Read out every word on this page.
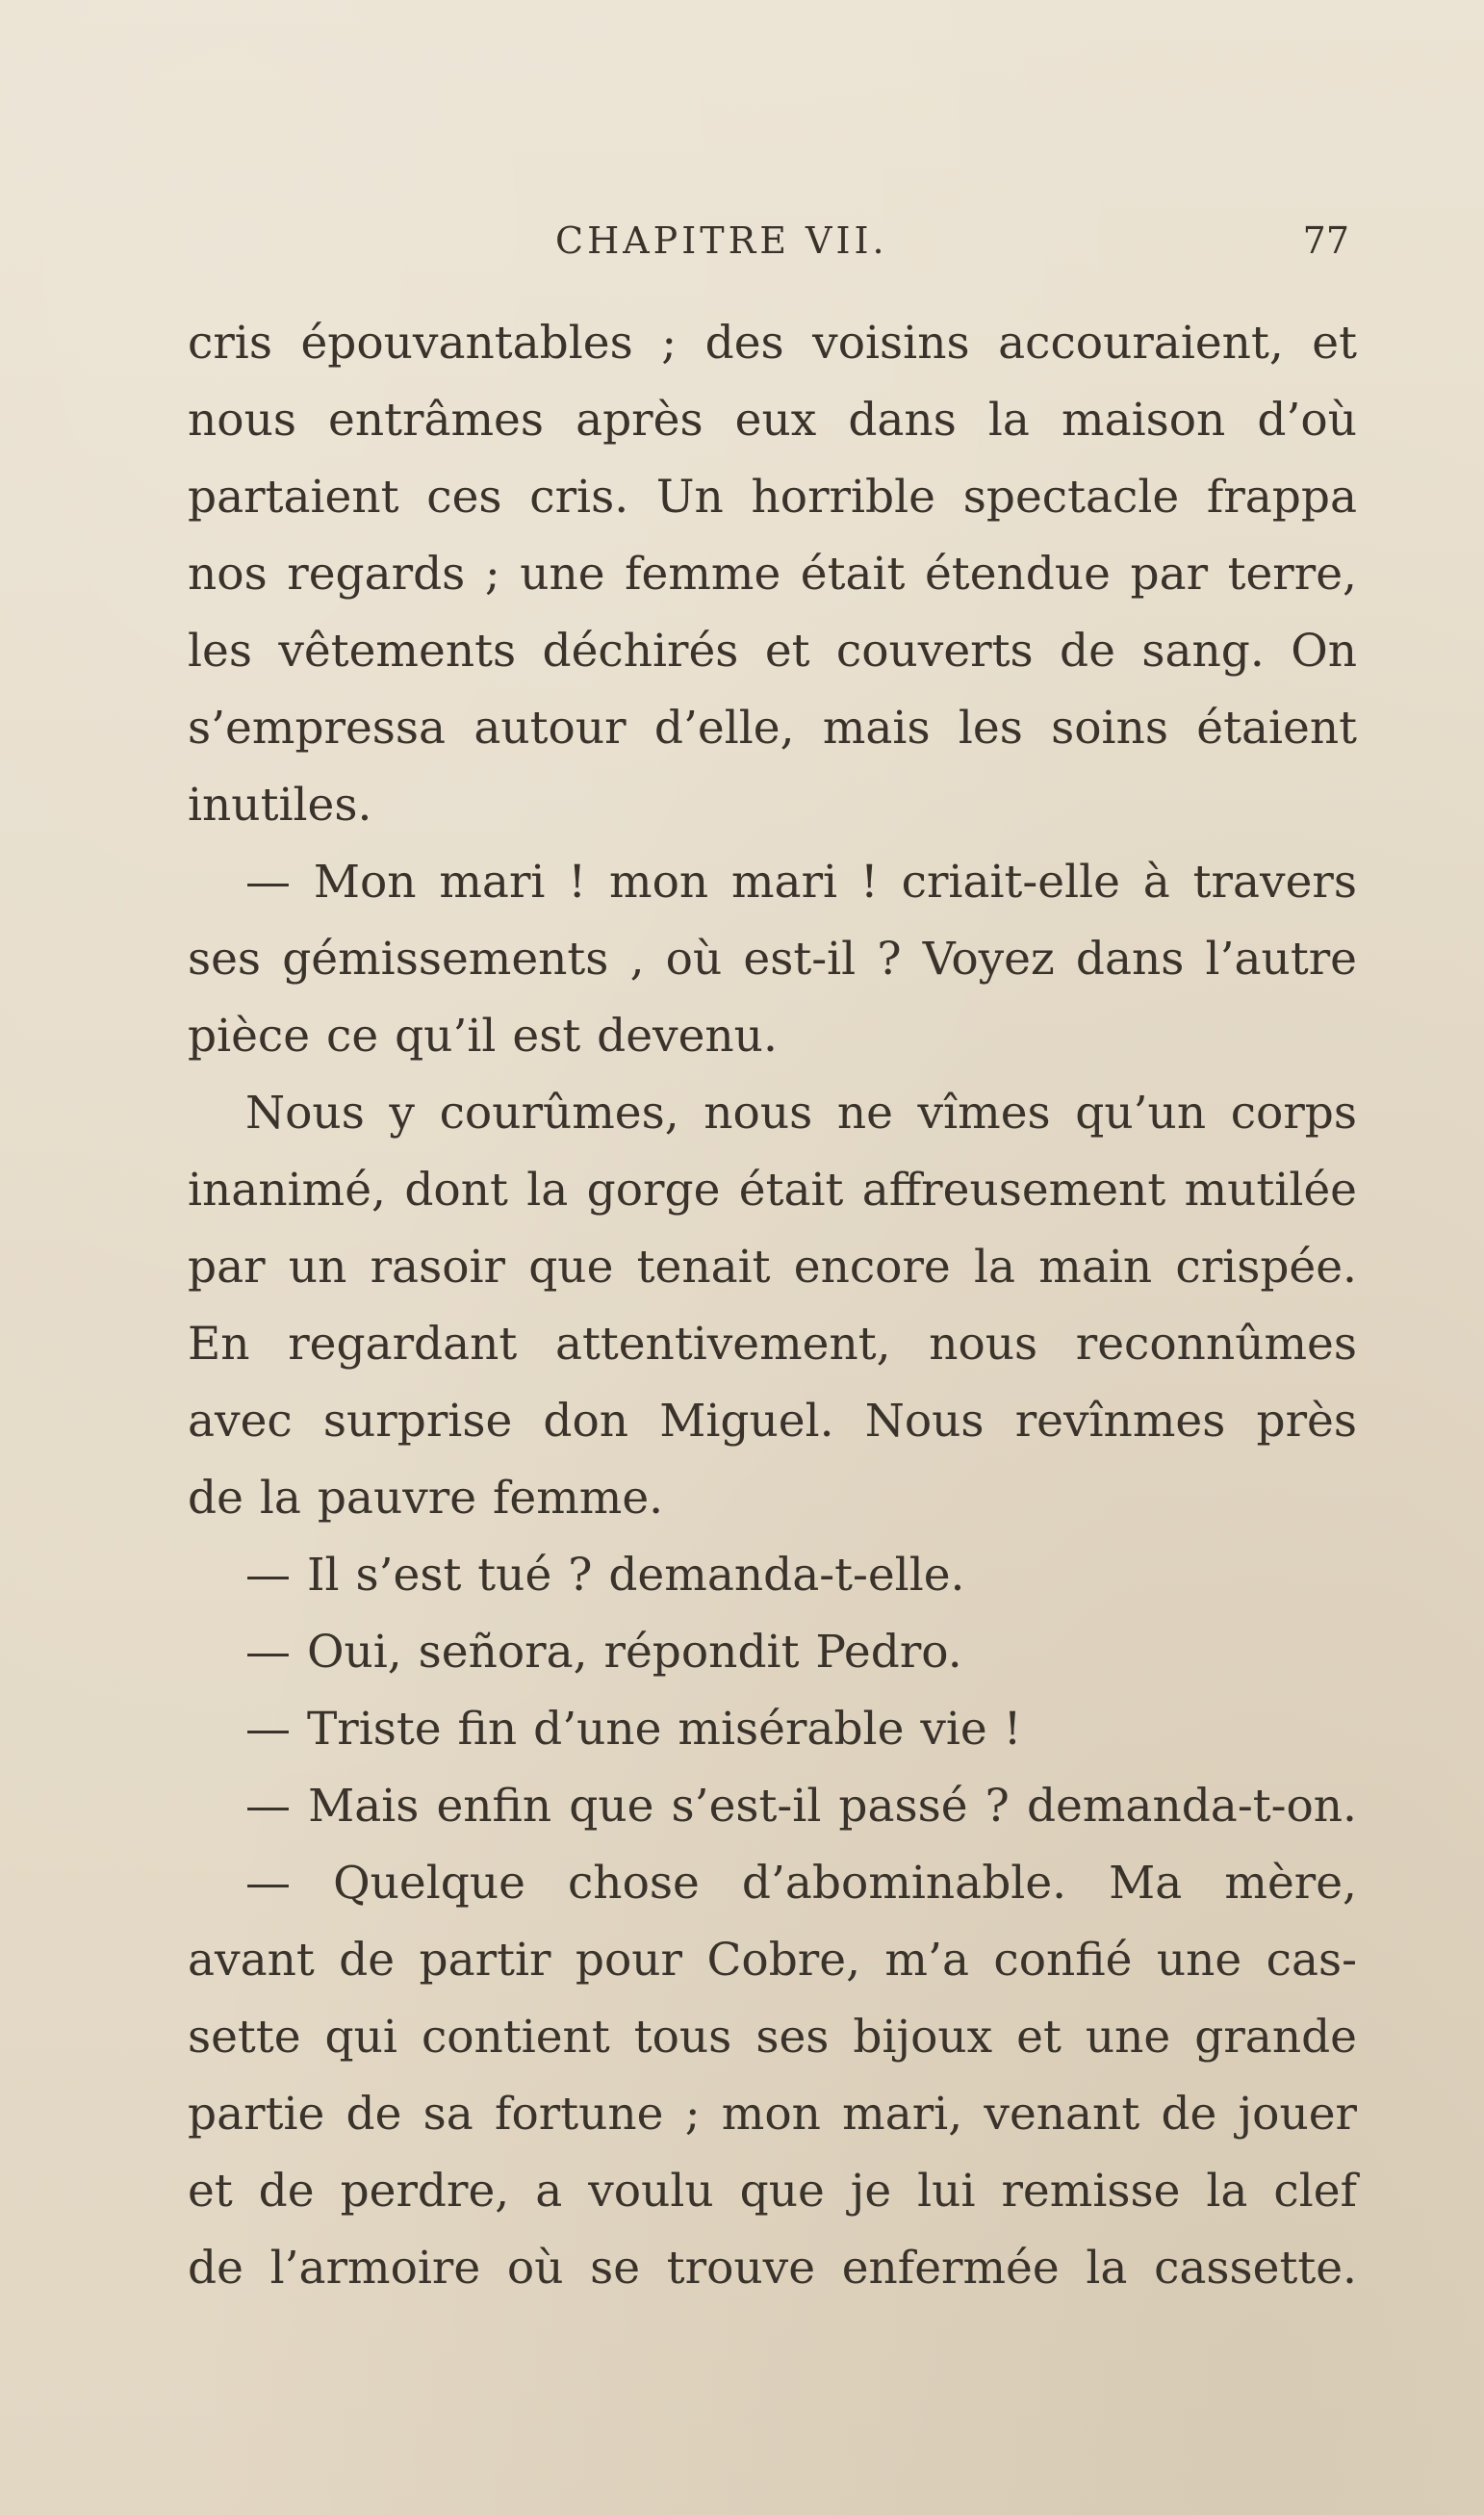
CHAPITRE VII.	77
cris épouvantables ; des voisins accouraient, et
nous entrâmes après eux dans la maison d’où
partaient ces cris. Un horrible spectacle frappa
nos regards ; une femme était étendue par terre,
les vêtements déchirés et couverts de sang. On
s’empressa autour d’elle, mais les soins étaient
inutiles.
— Mon mari ! mon mari ! criait-elle à travers
ses gémissements , où est-il ? Voyez dans l’autre
pièce ce qu’il est devenu.
Nous y courûmes, nous ne vîmes qu’un corps
inanimé, dont la gorge était affreusement mutilée
par un rasoir que tenait encore la main crispée.
En regardant attentivement, nous reconnûmes
avec surprise don Miguel. Nous revînmes près
de la pauvre femme.
— Il s’est tué ? demanda-t-elle.
— Oui, señora, répondit Pedro.
— Triste fin d’une misérable vie !
— Mais enfin que s’est-il passé ? demanda-t-on.
— Quelque chose d’abominable. Ma mère,
avant de partir pour Cobre, m’a confié une cas-
sette qui contient tous ses bijoux et une grande
partie de sa fortune ; mon mari, venant de jouer
et de perdre, a voulu que je lui remisse la clef
de l’armoire où se trouve enfermée la cassette.
